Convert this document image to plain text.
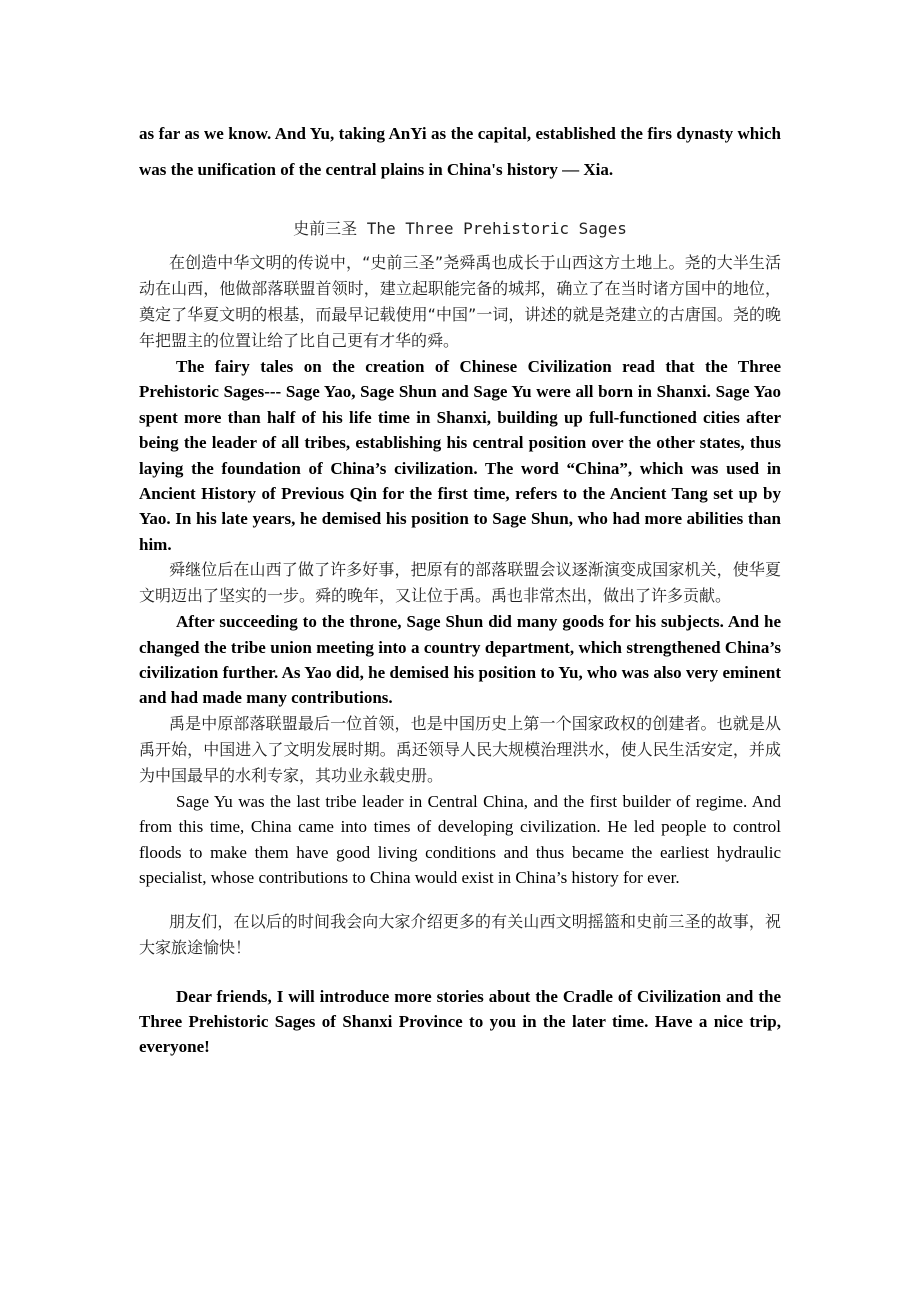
as far as we know. And Yu, taking AnYi as the capital, established the firs dynasty which was the unification of the central plains in China's history — Xia.

史前三圣 The Three Prehistoric Sages

在创造中华文明的传说中，“史前三圣”尧舜禹也成长于山西这方土地上。尧的大半生活动在山西，他做部落联盟首领时，建立起职能完备的城邦，确立了在当时诸方国中的地位，奠定了华夏文明的根基，而最早记载使用“中国”一词，讲述的就是尧建立的古唐国。尧的晚年把盟主的位置让给了比自己更有才华的舜。

The fairy tales on the creation of Chinese Civilization read that the Three Prehistoric Sages--- Sage Yao, Sage Shun and Sage Yu were all born in Shanxi. Sage Yao spent more than half of his life time in Shanxi, building up full-functioned cities after being the leader of all tribes, establishing his central position over the other states, thus laying the foundation of China’s civilization. The word “China”, which was used in Ancient History of Previous Qin for the first time, refers to the Ancient Tang set up by Yao. In his late years, he demised his position to Sage Shun, who had more abilities than him.

舜继位后在山西了做了许多好事，把原有的部落联盟会议逐渐演变成国家机关，使华夏文明迈出了坚实的一步。舜的晚年，又让位于禹。禹也非常杰出，做出了许多贡献。

After succeeding to the throne, Sage Shun did many goods for his subjects. And he changed the tribe union meeting into a country department, which strengthened China’s civilization further. As Yao did, he demised his position to Yu, who was also very eminent and had made many contributions.

禹是中原部落联盟最后一位首领，也是中国历史上第一个国家政权的创建者。也就是从禹开始，中国进入了文明发展时期。禹还领导人民大规模治理洪水，使人民生活安定，并成为中国最早的水利专家，其功业永载史册。

Sage Yu was the last tribe leader in Central China, and the first builder of regime. And from this time, China came into times of developing civilization. He led people to control floods to make them have good living conditions and thus became the earliest hydraulic specialist, whose contributions to China would exist in China’s history for ever.

朋友们，在以后的时间我会向大家介绍更多的有关山西文明摇篮和史前三圣的故事，祝大家旅途愉快！

Dear friends, I will introduce more stories about the Cradle of Civilization and the Three Prehistoric Sages of Shanxi Province to you in the later time. Have a nice trip, everyone!
